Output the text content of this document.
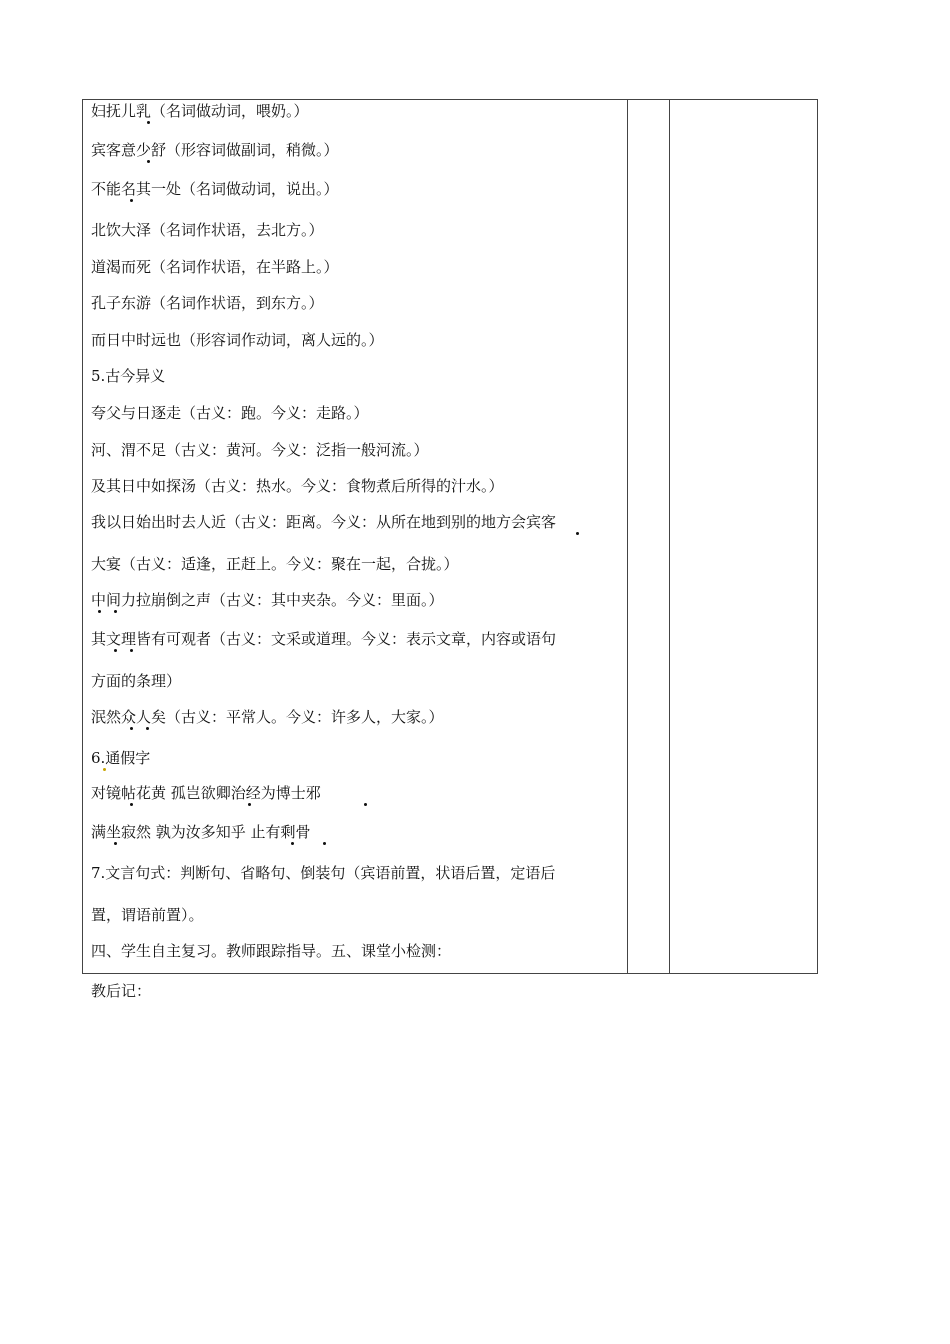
妇抚儿乳（名词做动词，喂奶。）
宾客意少舒（形容词做副词，稍微。）
不能名其一处（名词做动词，说出。）
北饮大泽（名词作状语，去北方。）
道渴而死（名词作状语，在半路上。）
孔子东游（名词作状语，到东方。）
而日中时远也（形容词作动词，离人远的。）
5.古今异义
夸父与日逐走（古义：跑。今义：走路。）
河、渭不足（古义：黄河。今义：泛指一般河流。）
及其日中如探汤（古义：热水。今义：食物煮后所得的汁水。）
我以日始出时去人近（古义：距离。今义：从所在地到别的地方会宾客
大宴（古义：适逢，正赶上。今义：聚在一起，合拢。）
中间力拉崩倒之声（古义：其中夹杂。今义：里面。）
其文理皆有可观者（古义：文采或道理。今义：表示文章，内容或语句
方面的条理）
泯然众人矣（古义：平常人。今义：许多人，大家。）
6.通假字
对镜帖花黄 孤岂欲卿治经为博士邪
满坐寂然 孰为汝多知乎 止有剩骨
7.文言句式：判断句、省略句、倒装句（宾语前置，状语后置，定语后
置，谓语前置）。
四、学生自主复习。教师跟踪指导。五、课堂小检测：
教后记：
